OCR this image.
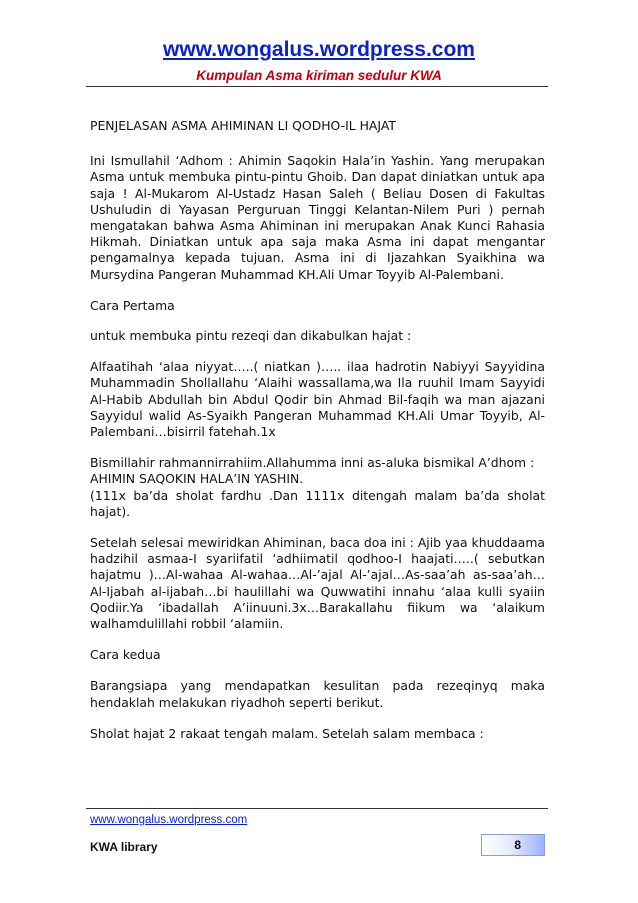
www.wongalus.wordpress.com
Kumpulan Asma kiriman sedulur KWA

PENJELASAN ASMA AHIMINAN LI QODHO-IL HAJAT

Ini Ismullahil ‘Adhom : Ahimin Saqokin Hala’in Yashin. Yang merupakan Asma untuk membuka pintu-pintu Ghoib. Dan dapat diniatkan untuk apa saja ! Al-Mukarom Al-Ustadz Hasan Saleh ( Beliau Dosen di Fakultas Ushuludin di Yayasan Perguruan Tinggi Kelantan-Nilem Puri ) pernah mengatakan bahwa Asma Ahiminan ini merupakan Anak Kunci Rahasia Hikmah. Diniatkan untuk apa saja maka Asma ini dapat mengantar pengamalnya kepada tujuan. Asma ini di Ijazahkan Syaikhina wa Mursydina Pangeran Muhammad KH.Ali Umar Toyyib Al-Palembani.

Cara Pertama

untuk membuka pintu rezeqi dan dikabulkan hajat :

Alfaatihah ‘alaa niyyat…..( niatkan )….. ilaa hadrotin Nabiyyi Sayyidina Muhammadin Shollallahu ‘Alaihi wassallama,wa Ila ruuhil Imam Sayyidi Al-Habib Abdullah bin Abdul Qodir bin Ahmad Bil-faqih wa man ajazani Sayyidul walid As-Syaikh Pangeran Muhammad KH.Ali Umar Toyyib, Al-Palembani…bisirril fatehah.1x

Bismillahir rahmannirrahiim.Allahumma inni as-aluka bismikal A’dhom :
AHIMIN SAQOKIN HALA’IN YASHIN.
(111x ba’da sholat fardhu .Dan 1111x ditengah malam ba’da sholat hajat).

Setelah selesai mewiridkan Ahiminan, baca doa ini : Ajib yaa khuddaama hadzihil asmaa-I syariifatil ‘adhiimatil qodhoo-I haajati…..( sebutkan hajatmu )…Al-wahaa Al-wahaa…Al-’ajal Al-’ajal…As-saa’ah as-saa’ah…Al-Ijabah al-ijabah…bi haulillahi wa Quwwatihi innahu ‘alaa kulli syaiin Qodiir.Ya ‘ibadallah A’iinuuni.3x…Barakallahu fiikum wa ‘alaikum walhamdulillahi robbil ‘alamiin.

Cara kedua

Barangsiapa yang mendapatkan kesulitan pada rezeqinyq maka hendaklah melakukan riyadhoh seperti berikut.

Sholat hajat 2 rakaat tengah malam. Setelah salam membaca :

www.wongalus.wordpress.com
KWA library	8
